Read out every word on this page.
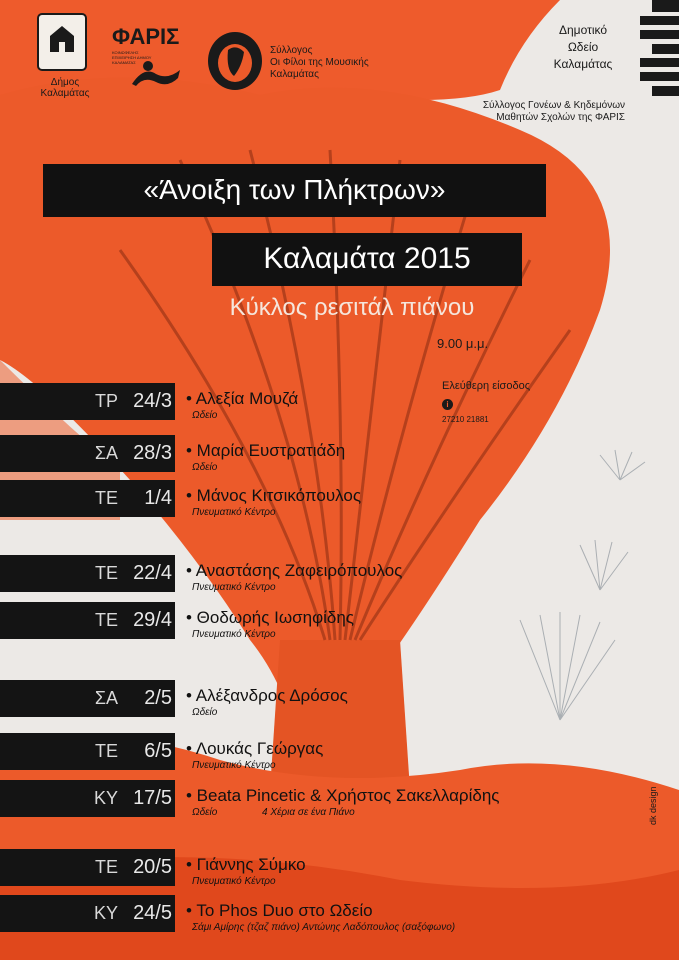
Δήμος
Καλαμάτας
ΦΑΡΙΣ
ΚΟΙΝΩΦΕΛΗΣ ΕΠΙΧΕΙΡΗΣΗ ΔΗΜΟΥ ΚΑΛΑΜΑΤΑΣ
Σύλλογος
Οι Φίλοι της Μουσικής
Καλαμάτας
Δημοτικό
Ωδείο
Καλαμάτας
Σύλλογος Γονέων & Κηδεμόνων
Μαθητών Σχολών της ΦΑΡΙΣ
«Άνοιξη των Πλήκτρων»
Καλαμάτα 2015
Κύκλος ρεσιτάλ πιάνου
9.00 μ.μ.
Ελεύθερη είσοδος
i
27210 21881
ΤΡ 24/3 • Αλεξία Μουζά
Ωδείο
ΣΑ 28/3 • Μαρία Ευστρατιάδη
Ωδείο
ΤΕ	1/4 • Μάνος Κιτσικόπουλος
Πνευματικό Κέντρο
ΤΕ 22/4 • Αναστάσης Ζαφειρόπουλος
Πνευματικό Κέντρο
ΤΕ 29/4 • Θοδωρής Ιωσηφίδης
Πνευματικό Κέντρο
ΣΑ	2/5 • Αλέξανδρος Δρόσος
Ωδείο
ΤΕ	6/5 • Λουκάς Γεώργας
Πνευματικό Κέντρο
ΚΥ 17/5 • Beata Pincetic & Χρήστος Σακελλαρίδης
Ωδείο	4 Χέρια σε ένα Πιάνο
ΤΕ 20/5 • Γιάννης Σύμκο
Πνευματικό Κέντρο
ΚΥ 24/5 • To Phos Duo στο Ωδείο
Σάμι Αμίρης (τζαζ πιάνο) Αντώνης Λαδόπουλος (σαξόφωνο)
dk design
